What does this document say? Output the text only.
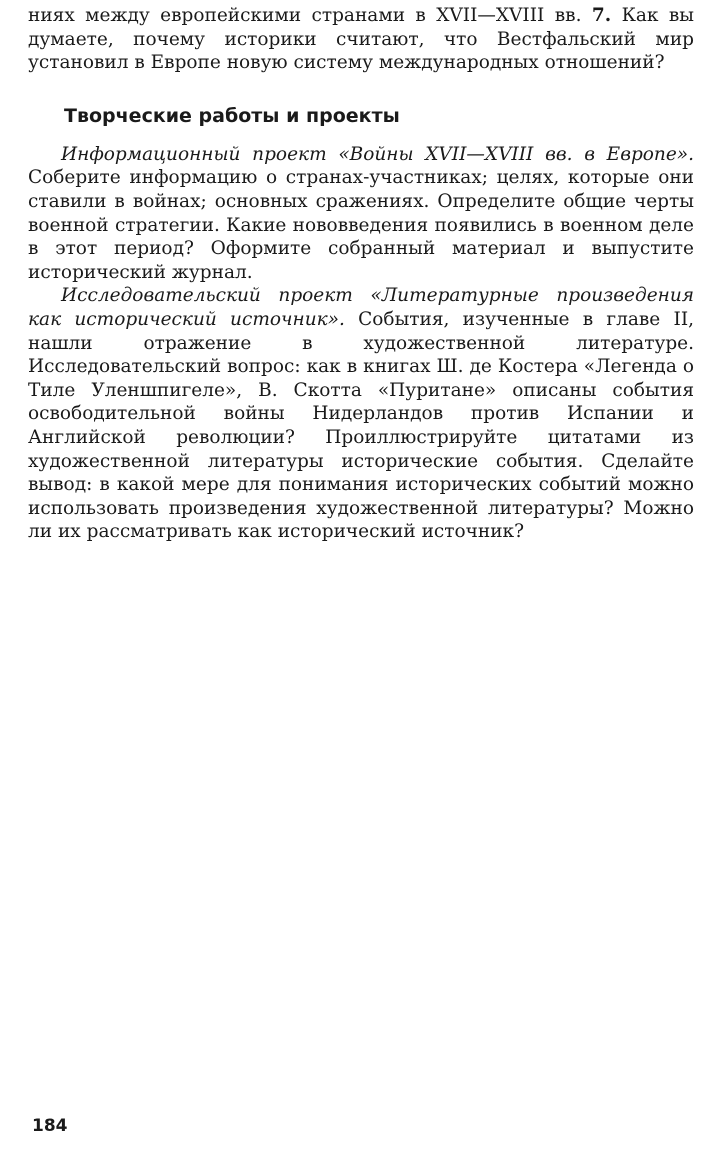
ниях между европейскими странами в XVII—XVIII вв. 7. Как вы думаете, почему историки считают, что Вестфальский мир установил в Европе новую систему международных отношений?

Творческие работы и проекты

Информационный проект «Войны XVII—XVIII вв. в Европе». Соберите информацию о странах-участниках; целях, которые они ставили в войнах; основных сражениях. Определите общие черты военной стратегии. Какие нововведения появились в военном деле в этот период? Оформите собранный материал и выпустите исторический журнал.

Исследовательский проект «Литературные произведения как исторический источник». События, изученные в главе II, нашли отражение в художественной литературе. Исследовательский вопрос: как в книгах Ш. де Костера «Легенда о Тиле Уленшпигеле», В. Скотта «Пуритане» описаны события освободительной войны Нидерландов против Испании и Английской революции? Проиллюстрируйте цитатами из художественной литературы исторические события. Сделайте вывод: в какой мере для понимания исторических событий можно использовать произведения художественной литературы? Можно ли их рассматривать как исторический источник?

184
